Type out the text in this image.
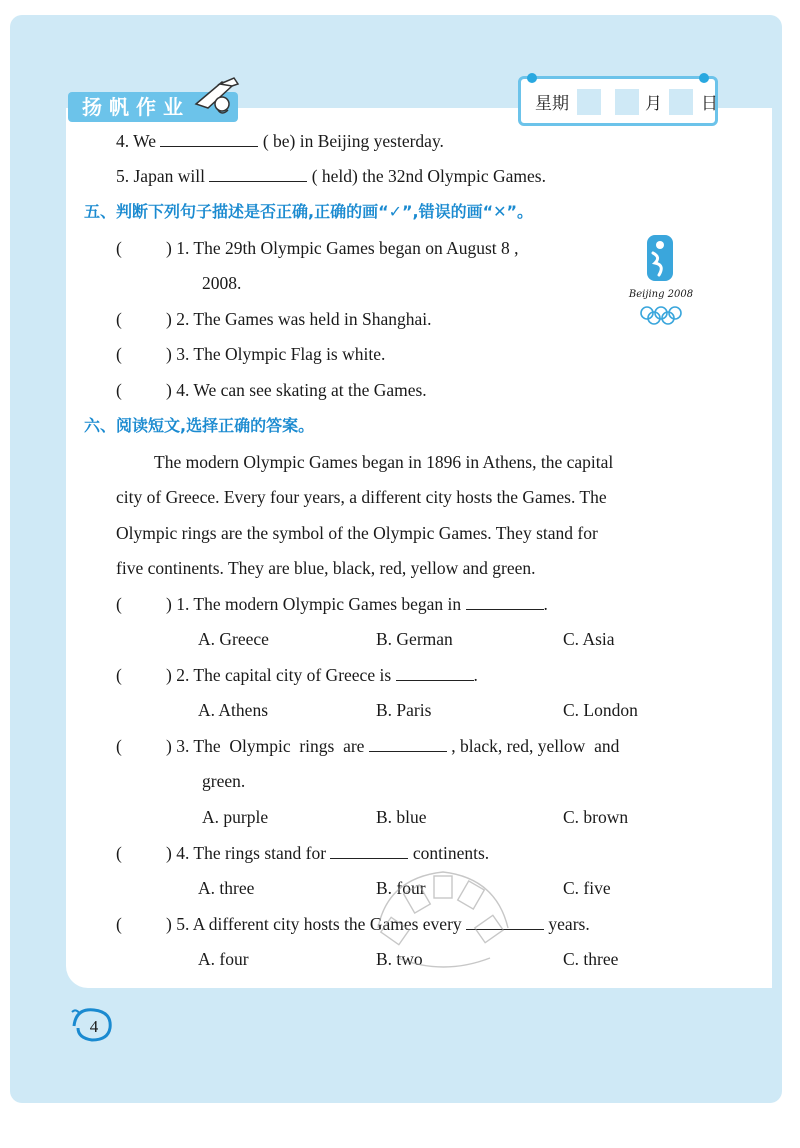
扬帆作业	星期	月 日
4. We	( be) in Beijing yesterday.
5. Japan will	( held) the 32nd Olympic Games.
五、判断下列句子描述是否正确,正确的画“✓”,错误的画“✕”。
(	) 1. The 29th Olympic Games began on August 8 ,
2008.
(	) 2. The Games was held in Shanghai.
(	) 3. The Olympic Flag is white.
(	) 4. We can see skating at the Games.
Beijing 2008
六、阅读短文,选择正确的答案。
The modern Olympic Games began in 1896 in Athens, the capital
city of Greece. Every four years, a different city hosts the Games. The
Olympic rings are the symbol of the Olympic Games. They stand for
five continents. They are blue, black, red, yellow and green.
(	) 1. The modern Olympic Games began in	.
A. Greece	B. German	C. Asia
(	) 2. The capital city of Greece is	.
A. Athens	B. Paris	C. London
(	) 3. The  Olympic  rings  are	, black, red, yellow  and
green.
A. purple	B. blue	C. brown
(	) 4. The rings stand for	continents.
A. three	B. four	C. five
(	) 5. A different city hosts the Games every	years.
A. four	B. two	C. three
4
